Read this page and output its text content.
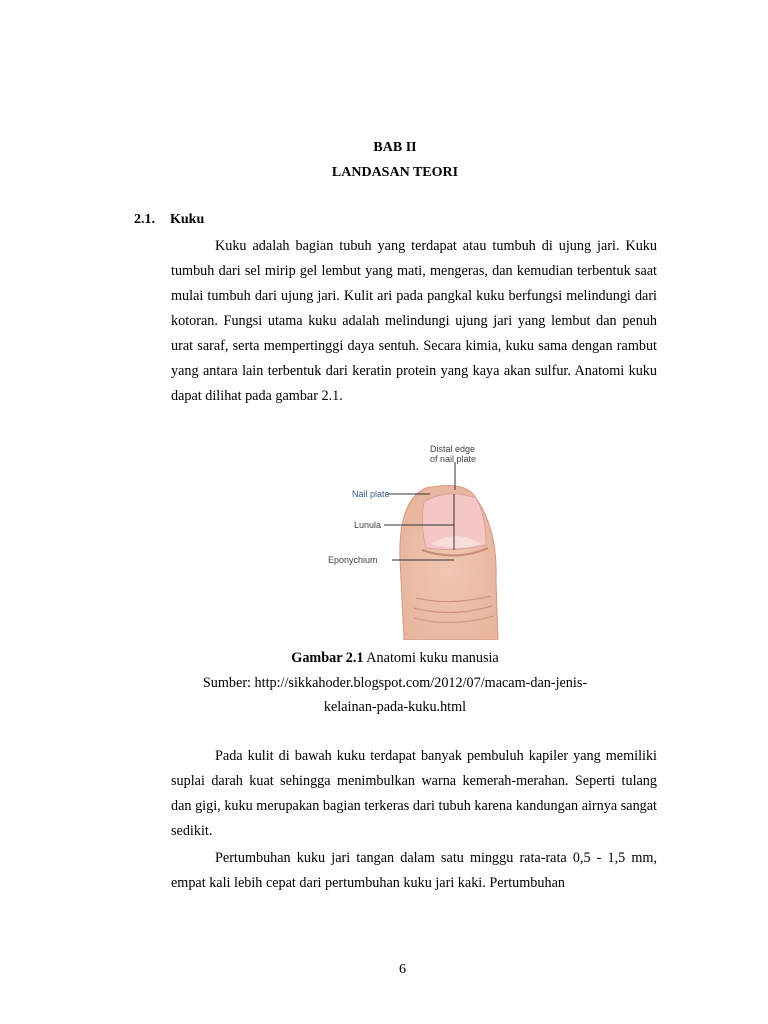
BAB II
LANDASAN TEORI
2.1. Kuku

Kuku adalah bagian tubuh yang terdapat atau tumbuh di ujung jari. Kuku tumbuh dari sel mirip gel lembut yang mati, mengeras, dan kemudian terbentuk saat mulai tumbuh dari ujung jari. Kulit ari pada pangkal kuku berfungsi melindungi dari kotoran. Fungsi utama kuku adalah melindungi ujung jari yang lembut dan penuh urat saraf, serta mempertinggi daya sentuh. Secara kimia, kuku sama dengan rambut yang antara lain terbentuk dari keratin protein yang kaya akan sulfur. Anatomi kuku dapat dilihat pada gambar 2.1.

Distal edge
of nail plate
Nail plate
Lunula
Eponychium
Gambar 2.1 Anatomi kuku manusia
Sumber: http://sikkahoder.blogspot.com/2012/07/macam-dan-jenis-
kelainan-pada-kuku.html

Pada kulit di bawah kuku terdapat banyak pembuluh kapiler yang memiliki suplai darah kuat sehingga menimbulkan warna kemerah-merahan. Seperti tulang dan gigi, kuku merupakan bagian terkeras dari tubuh karena kandungan airnya sangat sedikit.

Pertumbuhan kuku jari tangan dalam satu minggu rata-rata 0,5 - 1,5 mm, empat kali lebih cepat dari pertumbuhan kuku jari kaki. Pertumbuhan

6
